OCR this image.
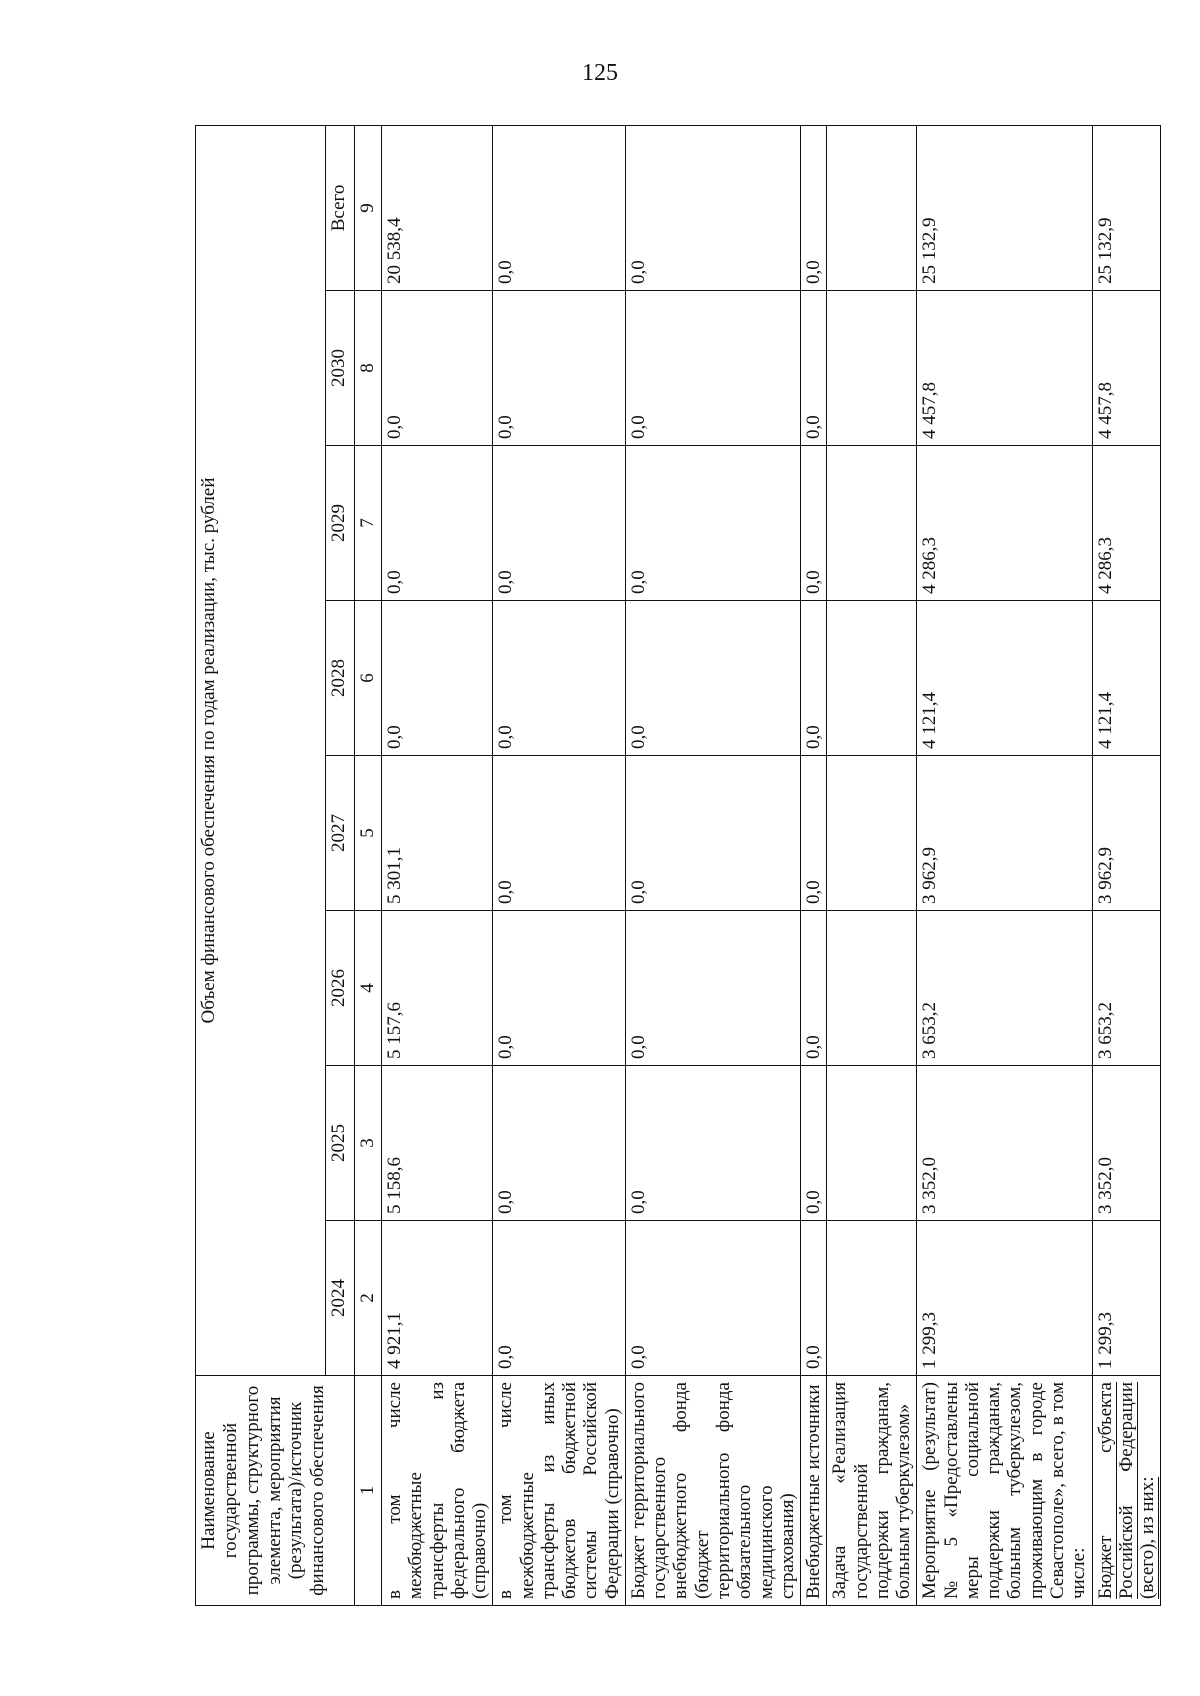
125
Наименование государственной программы, структурного элемента, мероприятия (результата)/источник финансового обеспечения	Объем финансового обеспечения по годам реализации, тыс. рублей							
	2024	2025	2026	2027	2028	2029	2030	Всего
1	2	3	4	5	6	7	8	9
в том числе межбюджетные трансферты из федерального бюджета (справочно)	4 921,1	5 158,6	5 157,6	5 301,1	0,0	0,0	0,0	20 538,4
в том числе межбюджетные трансферты из иных бюджетов бюджетной системы Российской Федерации (справочно)	0,0	0,0	0,0	0,0	0,0	0,0	0,0	0,0
Бюджет территориального государственного внебюджетного фонда (бюджет территориального фонда обязательного медицинского страхования)	0,0	0,0	0,0	0,0	0,0	0,0	0,0	0,0
Внебюджетные источники	0,0	0,0	0,0	0,0	0,0	0,0	0,0	0,0
Задача «Реализация государственной поддержки гражданам, больным туберкулезом»								
Мероприятие (результат) № 5 «Предоставлены меры социальной поддержки гражданам, больным туберкулезом, проживающим в городе Севастополе», всего, в том числе:	1 299,3	3 352,0	3 653,2	3 962,9	4 121,4	4 286,3	4 457,8	25 132,9
Бюджет субъекта Российской Федерации (всего), из них:	1 299,3	3 352,0	3 653,2	3 962,9	4 121,4	4 286,3	4 457,8	25 132,9
